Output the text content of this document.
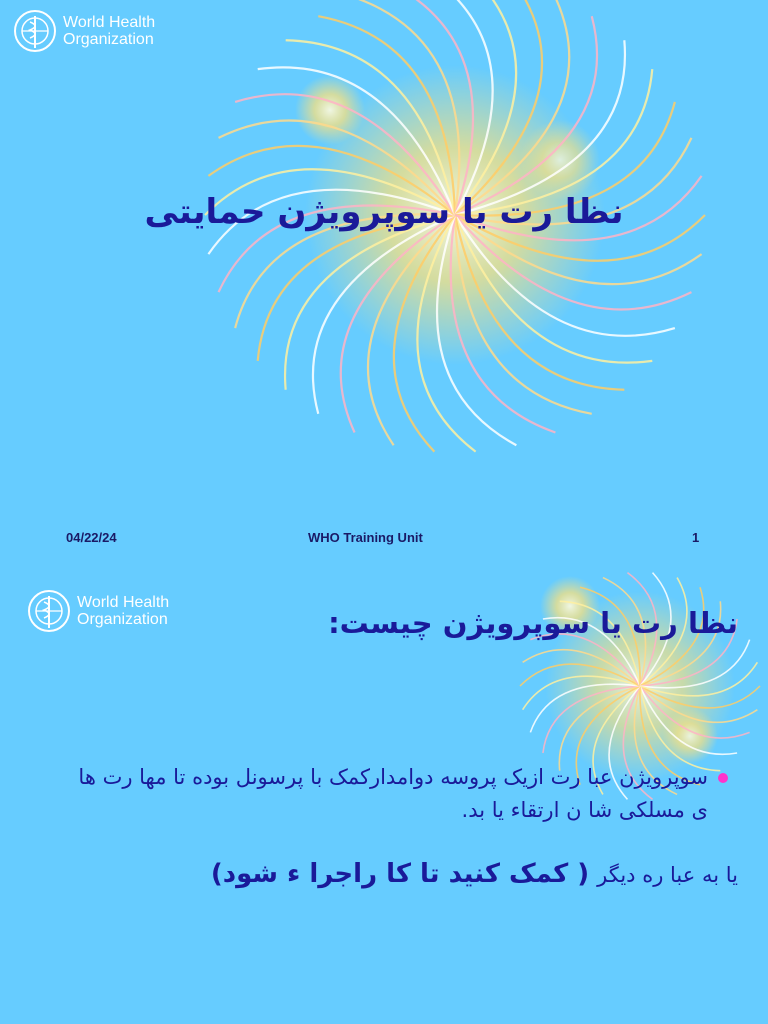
World Health
Organization
نظا رت یا سوپرویژن حمایتی
04/22/24	WHO Training Unit	1
World Health
Organization	نظا رت یا سوپرویژن چیست:
سوپرویژن عبا رت ازیک پروسه دوامدارکمک با پرسونل بوده تا مها رت ها ی مسلکی شا ن ارتقاء یا بد.
یا به عبا ره دیگر
( کمک کنید تا کا راجرا ء شود)
